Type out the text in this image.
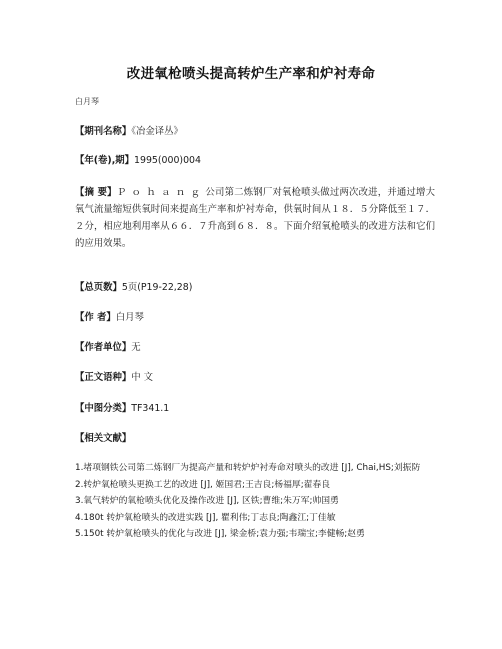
改进氧枪喷头提高转炉生产率和炉衬寿命
白月琴
【期刊名称】《冶金译丛》
【年(卷),期】1995(000)004
【摘 要】Ｐｏｈａｎｇ公司第二炼钢厂对氧枪喷头做过两次改进，并通过增大氧气流量缩短供氧时间来提高生产率和炉衬寿命，供氧时间从１８．５分降低至１７．２分，相应地利用率从６６．７升高到６８．８。下面介绍氧枪喷头的改进方法和它们的应用效果。
【总页数】5页(P19-22,28)
【作 者】白月琴
【作者单位】无
【正文语种】中 文
【中图分类】TF341.1
【相关文献】
1.堵项钢铁公司第二炼钢厂为提高产量和转炉炉衬寿命对喷头的改进 [J], Chai,HS;刘振防
2.转炉氧枪喷头更换工艺的改进 [J], 姬国君;王吉良;杨福厚;翟春良
3.氧气转炉的氧枪喷头优化及操作改进 [J], 区铁;曹维;朱万军;帅国勇
4.180t 转炉氧枪喷头的改进实践 [J], 瞿利伟;丁志良;陶鑫江;丁佳敏
5.150t 转炉氧枪喷头的优化与改进 [J], 梁金桥;袁力强;韦瑞宝;李健畅;赵勇
